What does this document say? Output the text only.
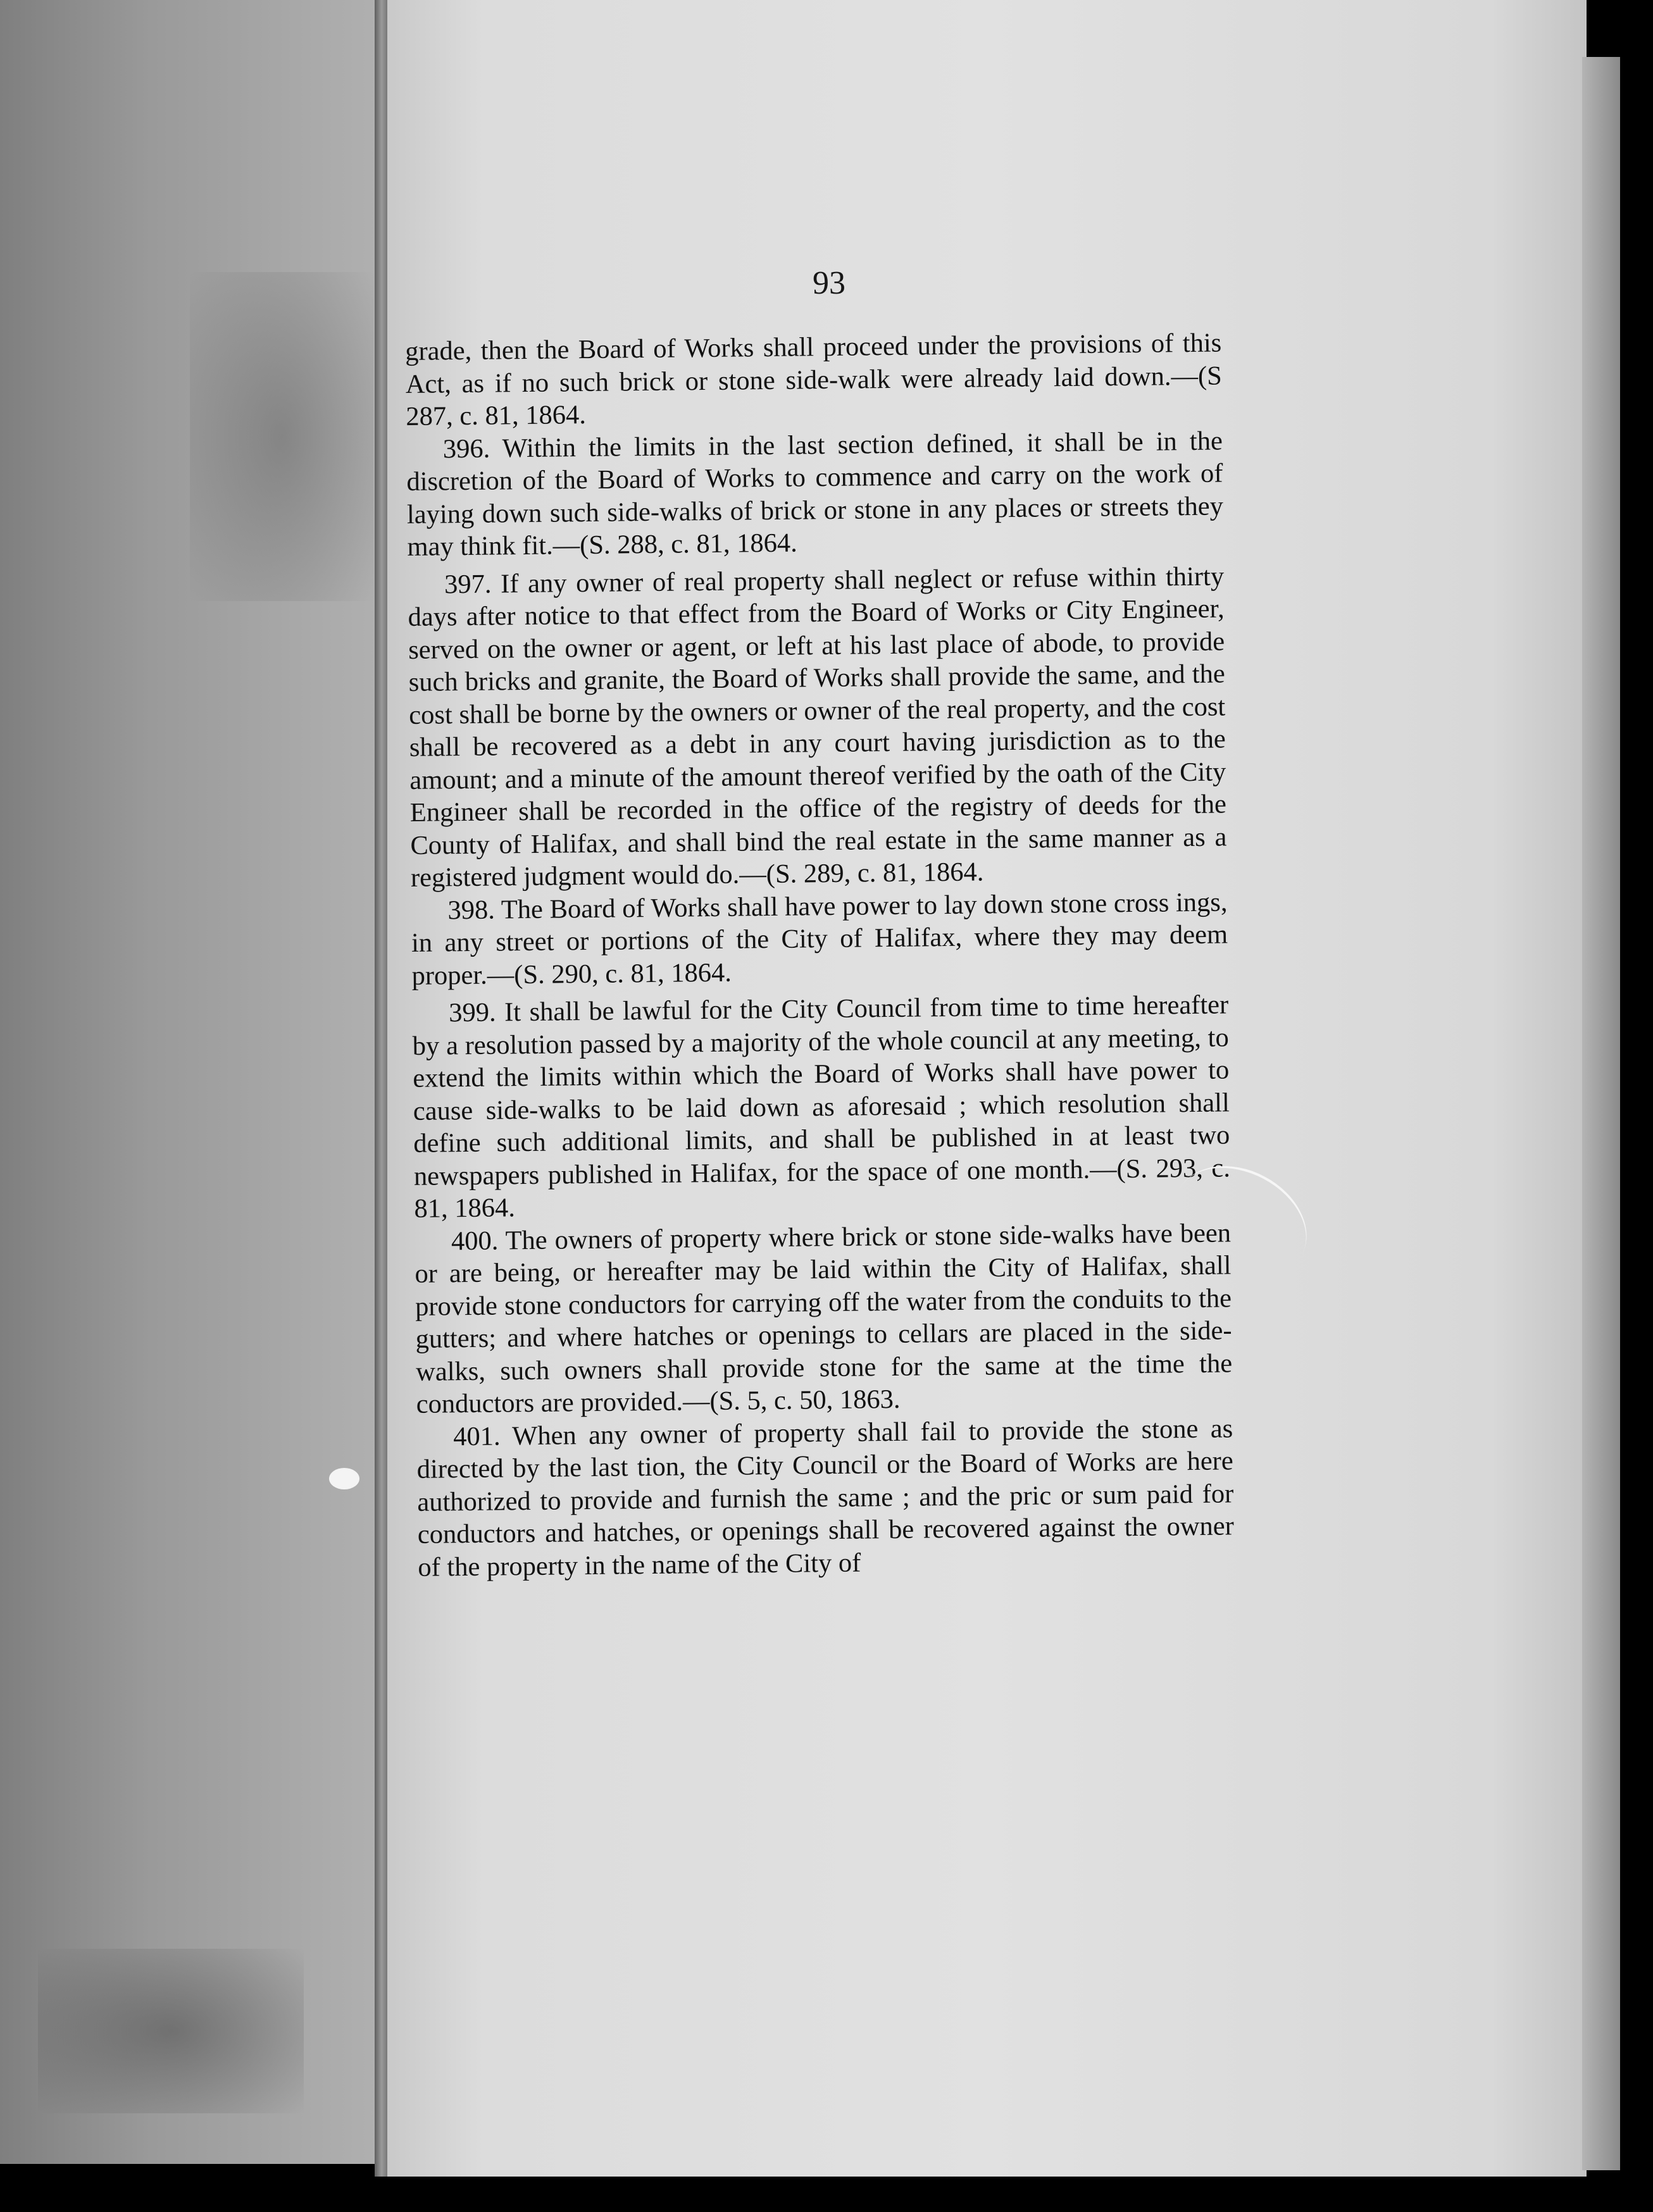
93

grade, then the Board of Works shall proceed under the provisions of this Act, as if no such brick or stone side-walk were already laid down.—(S 287, c. 81, 1864.

396. Within the limits in the last section defined, it shall be in the discretion of the Board of Works to commence and carry on the work of laying down such side-walks of brick or stone in any places or streets they may think fit.—(S. 288, c. 81, 1864.

397. If any owner of real property shall neglect or refuse within thirty days after notice to that effect from the Board of Works or City Engineer, served on the owner or agent, or left at his last place of abode, to provide such bricks and granite, the Board of Works shall provide the same, and the cost shall be borne by the owners or owner of the real property, and the cost shall be recovered as a debt in any court having jurisdiction as to the amount; and a minute of the amount thereof verified by the oath of the City Engineer shall be recorded in the office of the registry of deeds for the County of Halifax, and shall bind the real estate in the same manner as a registered judgment would do.—(S. 289, c. 81, 1864.

398. The Board of Works shall have power to lay down stone cross ings, in any street or portions of the City of Halifax, where they may deem proper.—(S. 290, c. 81, 1864.

399. It shall be lawful for the City Council from time to time hereafter by a resolution passed by a majority of the whole council at any meeting, to extend the limits within which the Board of Works shall have power to cause side-walks to be laid down as aforesaid ; which resolution shall define such additional limits, and shall be published in at least two newspapers published in Halifax, for the space of one month.—(S. 293, c. 81, 1864.

400. The owners of property where brick or stone side-walks have been or are being, or hereafter may be laid within the City of Halifax, shall provide stone conductors for carrying off the water from the conduits to the gutters; and where hatches or openings to cellars are placed in the side-walks, such owners shall provide stone for the same at the time the conductors are provided.—(S. 5, c. 50, 1863.

401. When any owner of property shall fail to provide the stone as directed by the last tion, the City Council or the Board of Works are here authorized to provide and furnish the same ; and the pric or sum paid for conductors and hatches, or openings shall be recovered against the owner of the property in the name of the City of
